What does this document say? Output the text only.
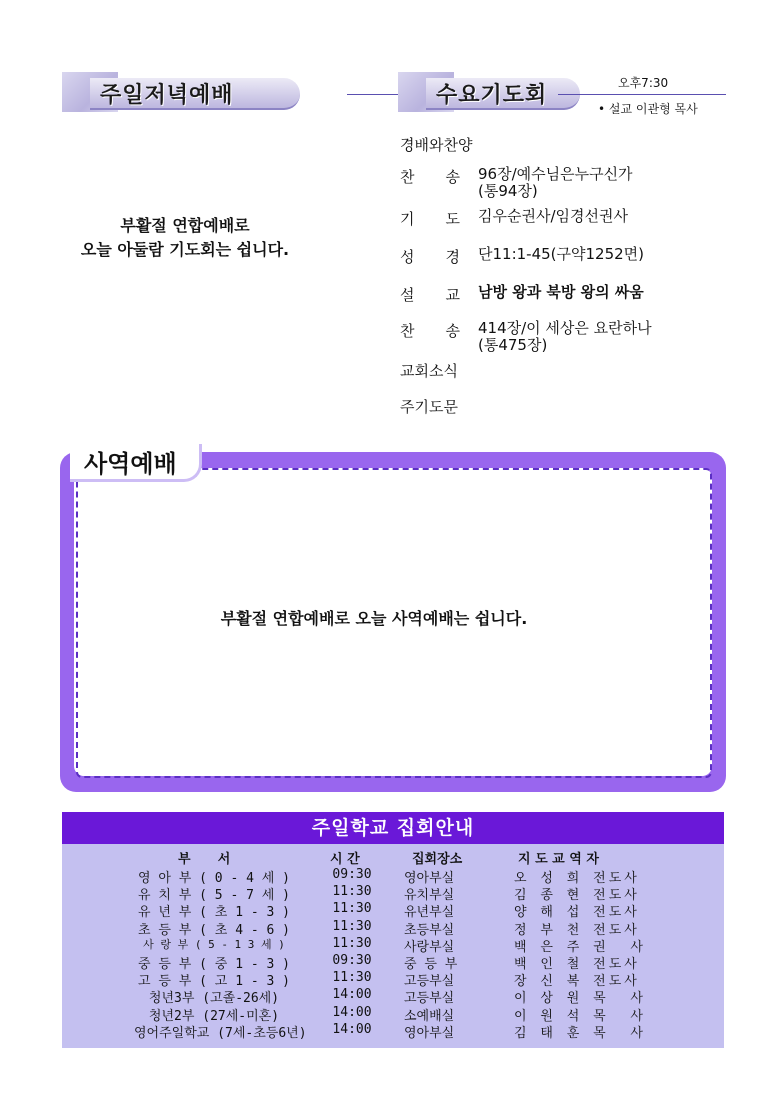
주일저녁예배
부활절 연합예배로
오늘 아둘람 기도회는 쉽니다.
수요기도회	오후7:30
• 설교 이관형 목사
경배와찬양
찬 송 96장/예수님은누구신가
(통94장)
기 도 김우순권사/임경선권사
성 경 단11:1-45(구약1252면)
설 교 남방 왕과 북방 왕의 싸움
찬 송 414장/이 세상은 요란하나
(통475장)
교회소식
주기도문
사역예배
부활절 연합예배로 오늘 사역예배는 쉽니다.
주일학교 집회안내
부      서	시 간	집회장소	지 도 교 역 자
영 아 부 ( 0 - 4 세 )	09:30	영아부실	오 성 희 전도사
유 치 부 ( 5 - 7 세 )	11:30	유치부실	김 종 현 전도사
유 년 부 ( 초 1 - 3 )	11:30	유년부실	양 해 섭 전도사
초 등 부 ( 초 4 - 6 )	11:30	초등부실	정 부 천 전도사
사 랑 부 ( 5 - 1 3 세 )	11:30	사랑부실	백 은 주 권  사
중 등 부 ( 중 1 - 3 )	09:30	중 등 부	백 인 철 전도사
고 등 부 ( 고 1 - 3 )	11:30	고등부실	장 신 복 전도사
청년3부 (고졸-26세)	14:00	고등부실	이 상 원 목  사
청년2부 (27세-미혼)	14:00	소예배실	이 원 석 목  사
영어주일학교 (7세-초등6년)	14:00	영아부실	김 태 훈 목  사
